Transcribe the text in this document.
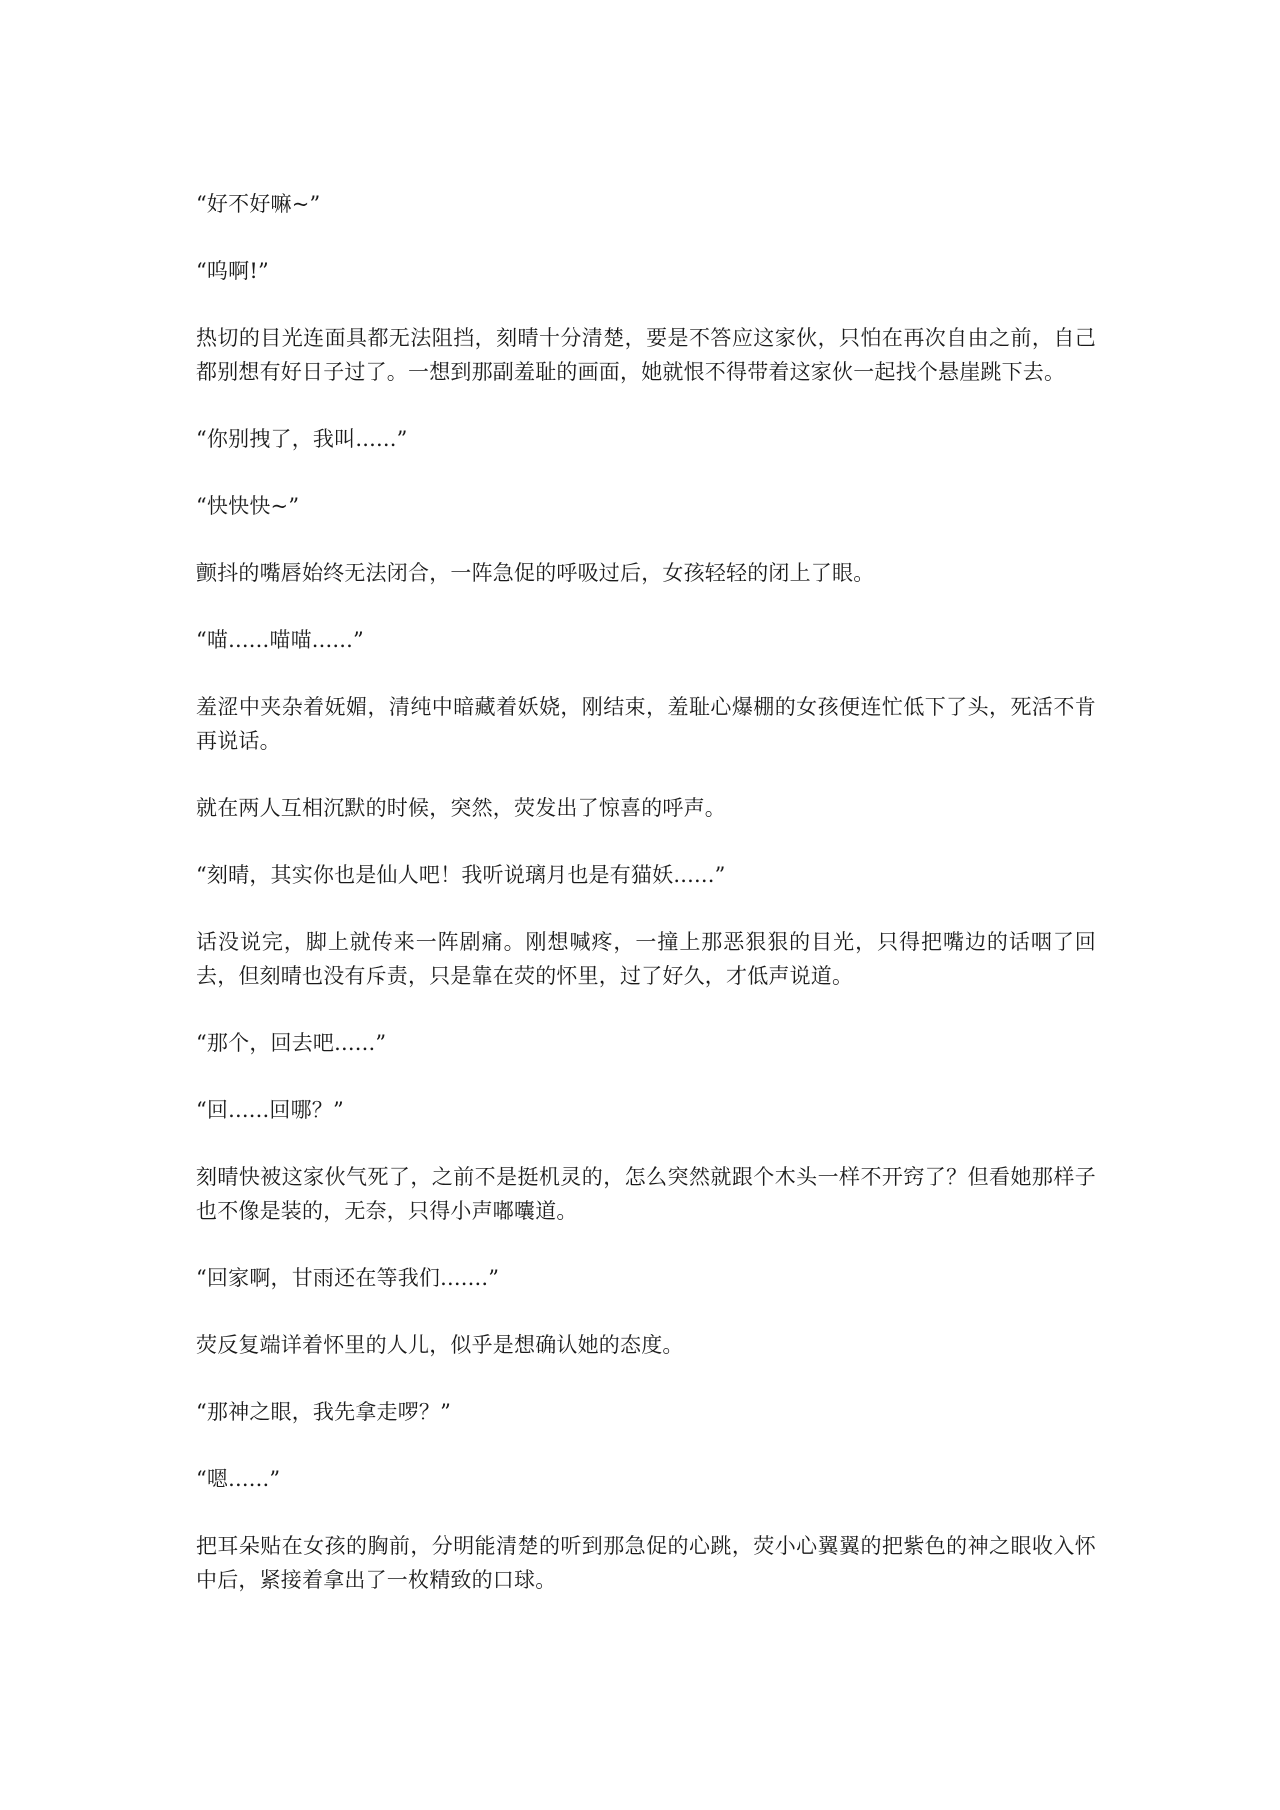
“好不好嘛~”

“呜啊!”

热切的目光连面具都无法阻挡，刻晴十分清楚，要是不答应这家伙，只怕在再次自由之前，自己都别想有好日子过了。一想到那副羞耻的画面，她就恨不得带着这家伙一起找个悬崖跳下去。

“你别拽了，我叫......”

“快快快~”

颤抖的嘴唇始终无法闭合，一阵急促的呼吸过后，女孩轻轻的闭上了眼。

“喵......喵喵......”

羞涩中夹杂着妩媚，清纯中暗藏着妖娆，刚结束，羞耻心爆棚的女孩便连忙低下了头，死活不肯再说话。

就在两人互相沉默的时候，突然，荧发出了惊喜的呼声。

“刻晴，其实你也是仙人吧！我听说璃月也是有猫妖......”

话没说完，脚上就传来一阵剧痛。刚想喊疼，一撞上那恶狠狠的目光，只得把嘴边的话咽了回去，但刻晴也没有斥责，只是靠在荧的怀里，过了好久，才低声说道。

“那个，回去吧......”

“回......回哪？”

刻晴快被这家伙气死了，之前不是挺机灵的，怎么突然就跟个木头一样不开窍了？但看她那样子也不像是装的，无奈，只得小声嘟囔道。

“回家啊，甘雨还在等我们.......”

荧反复端详着怀里的人儿，似乎是想确认她的态度。

“那神之眼，我先拿走啰？”

“嗯......”

把耳朵贴在女孩的胸前，分明能清楚的听到那急促的心跳，荧小心翼翼的把紫色的神之眼收入怀中后，紧接着拿出了一枚精致的口球。
